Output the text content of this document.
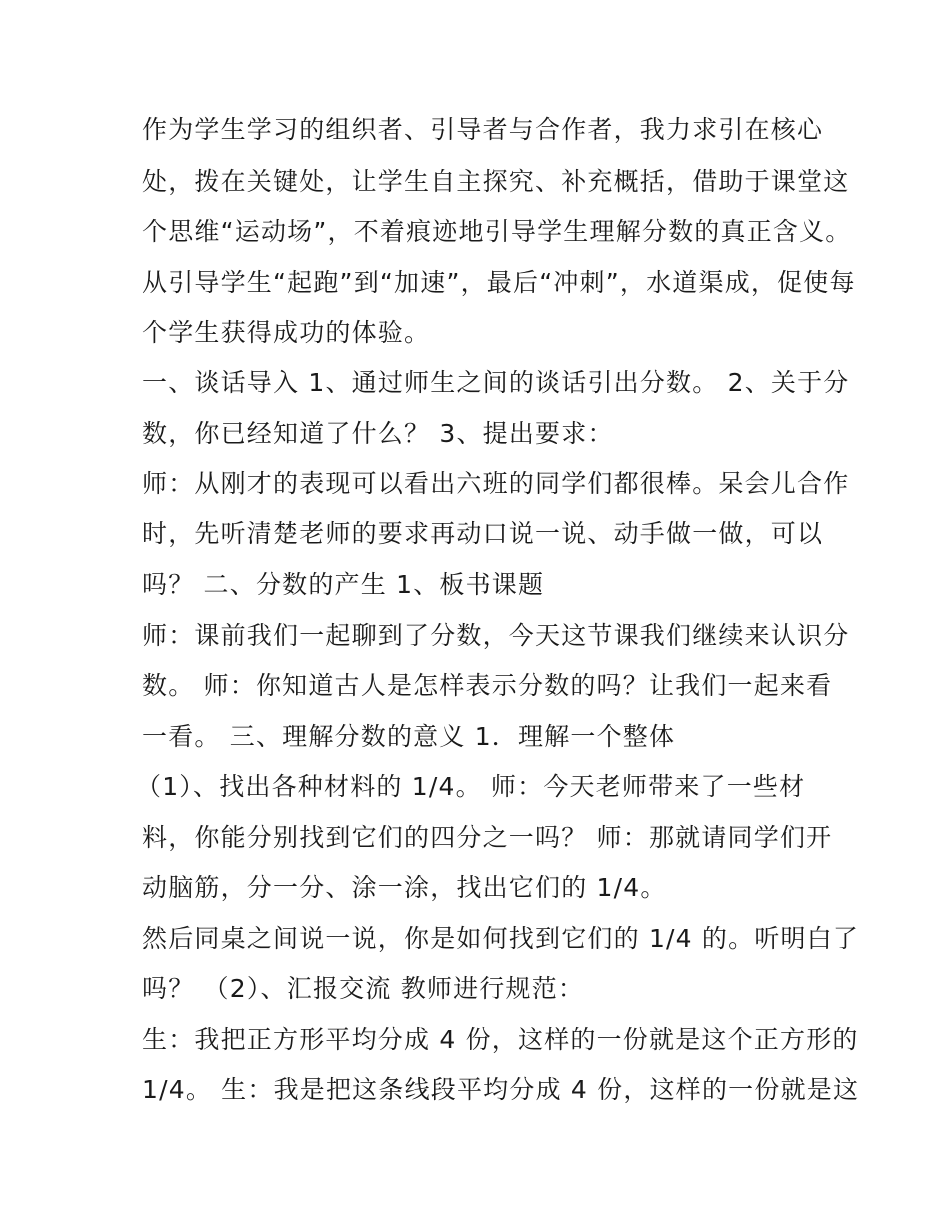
作为学生学习的组织者、引导者与合作者，我力求引在核心
处，拨在关键处，让学生自主探究、补充概括，借助于课堂这
个思维“运动场”，不着痕迹地引导学生理解分数的真正含义。
从引导学生“起跑”到“加速”，最后“冲刺”，水道渠成，促使每
个学生获得成功的体验。
一、谈话导入 1、通过师生之间的谈话引出分数。 2、关于分
数，你已经知道了什么？ 3、提出要求：
师：从刚才的表现可以看出六班的同学们都很棒。呆会儿合作
时，先听清楚老师的要求再动口说一说、动手做一做，可以
吗？ 二、分数的产生 1、板书课题
师：课前我们一起聊到了分数，今天这节课我们继续来认识分
数。 师：你知道古人是怎样表示分数的吗？让我们一起来看
一看。 三、理解分数的意义 1．理解一个整体
（1）、找出各种材料的 1/4。 师：今天老师带来了一些材
料，你能分别找到它们的四分之一吗？ 师：那就请同学们开
动脑筋，分一分、涂一涂，找出它们的 1/4。
然后同桌之间说一说，你是如何找到它们的 1/4 的。听明白了
吗？ （2）、汇报交流 教师进行规范：
生：我把正方形平均分成 4 份，这样的一份就是这个正方形的
1/4。 生：我是把这条线段平均分成 4 份，这样的一份就是这
